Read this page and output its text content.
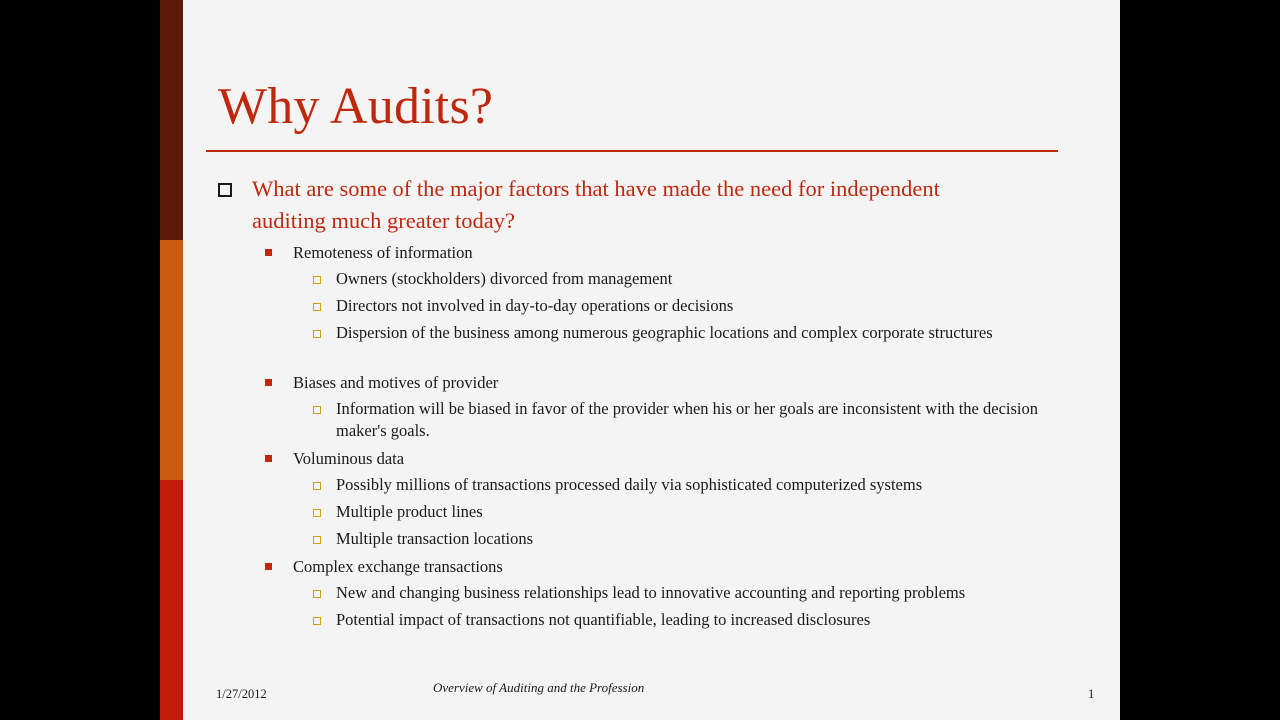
Why Audits?
What are some of the major factors that have made the need for independent auditing much greater today?
Remoteness of information
Owners (stockholders) divorced from management
Directors not involved in day-to-day operations or decisions
Dispersion of the business among numerous geographic locations and complex corporate structures
Biases and motives of provider
Information will be biased in favor of the provider when his or her goals are inconsistent with the decision maker's goals.
Voluminous data
Possibly millions of transactions processed daily via sophisticated computerized systems
Multiple product lines
Multiple transaction locations
Complex exchange transactions
New and changing business relationships lead to innovative accounting and reporting problems
Potential impact of transactions not quantifiable, leading to increased disclosures
1/27/2012	Overview of Auditing and the Profession	1
